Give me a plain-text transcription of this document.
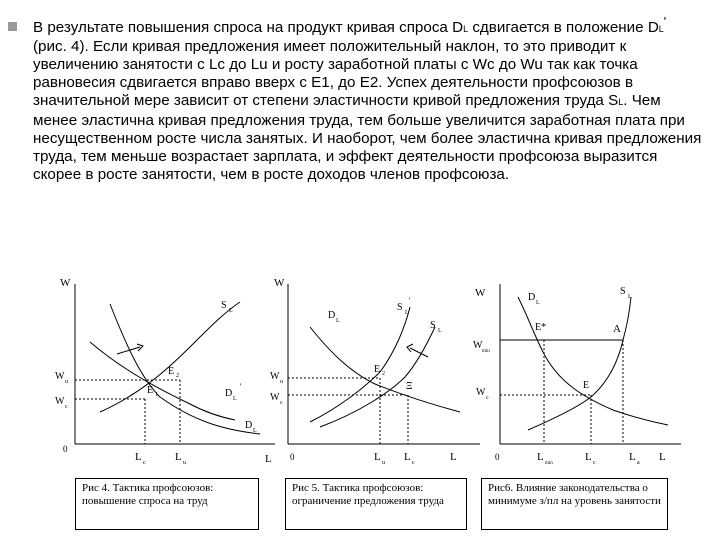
В результате повышения спроса на продукт кривая спроса DL сдвигается в положение DL' (рис. 4). Если кривая предложения имеет положительный наклон, то это приводит к увеличению занятости с Lc до Lu и росту заработной платы с Wc до Wu так как точка равновесия сдвигается вправо вверх с E1, до E2. Успех деятельности профсоюзов в значительной мере зависит от степени эластичности кривой предложения труда SL. Чем менее эластична кривая предложения труда, тем больше увеличится заработная плата при несущественном росте числа занятых. И наоборот, чем более эластична кривая предложения труда, тем меньше возрастает зарплата, и эффект деятельности профсоюза выразится скорее в росте занятости, чем в росте доходов членов профсоюза.

W
0
L
S L
D L
'
D L
W u
W c
E 1
E 2
L c	L u
W
0	L
D L
S L
'
S L
W u
W c
E 2
Ξ
L u L c
W
0	L
D L
S L
E*	A
W
min
W c
E
L
min
L c	L a
Рис 4. Тактика профсоюзов: повышение спроса на труд
Рис 5. Тактика профсоюзов: ограничение предложения труда
Рис6. Влияние законодательства о минимуме з/пл на уровень занятости
